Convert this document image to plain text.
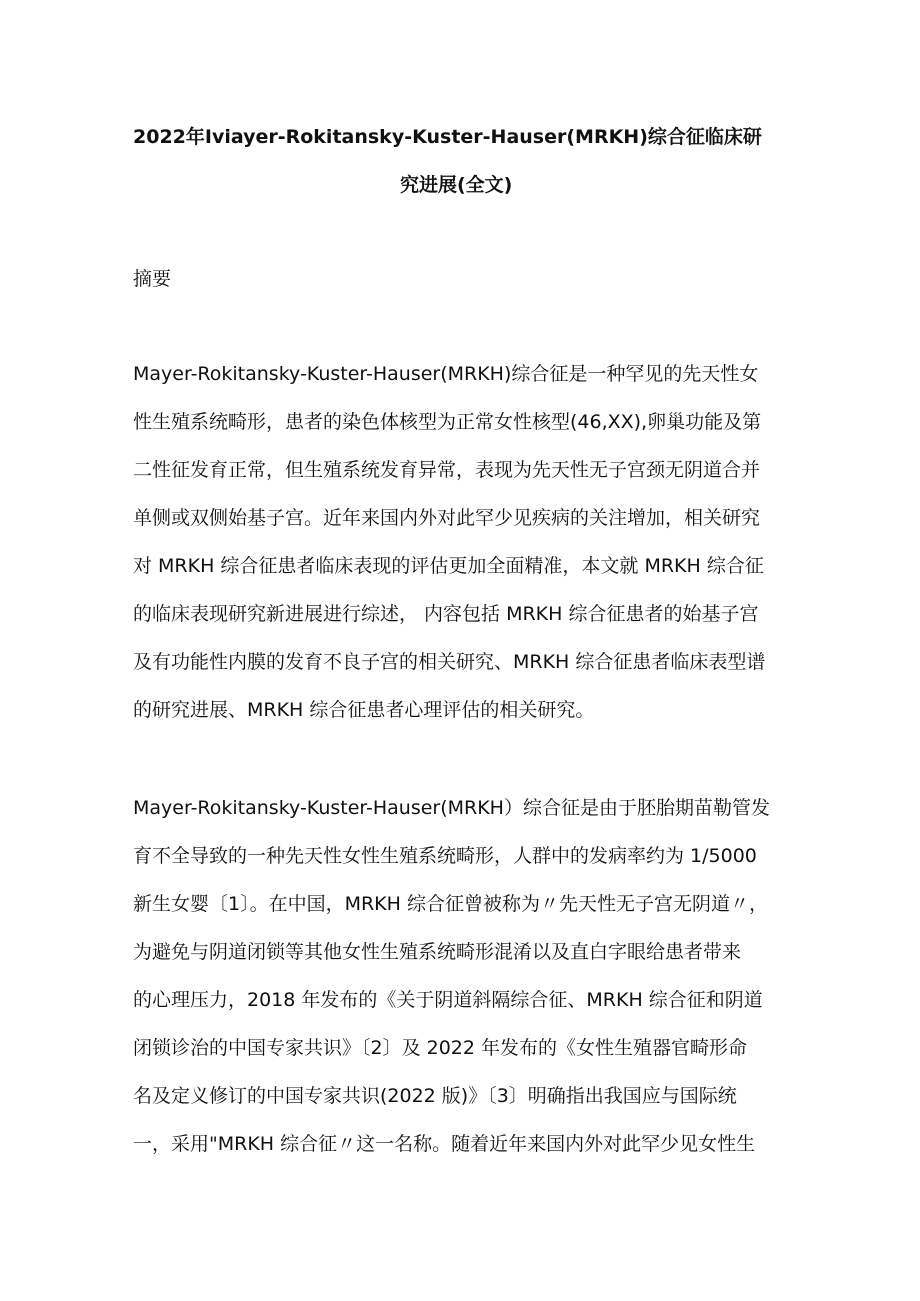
2022年Iviayer-Rokitansky-Kuster-Hauser(MRKH)综合征临床研
究进展(全文)
摘要
Mayer-Rokitansky-Kuster-Hauser(MRKH)综合征是一种罕见的先天性女
性生殖系统畸形，患者的染色体核型为正常女性核型(46,XX),卵巢功能及第
二性征发育正常，但生殖系统发育异常，表现为先天性无子宫颈无阴道合并
单侧或双侧始基子宫。近年来国内外对此罕少见疾病的关注增加，相关研究
对 MRKH 综合征患者临床表现的评估更加全面精准，本文就 MRKH 综合征
的临床表现研究新进展进行综述， 内容包括 MRKH 综合征患者的始基子宫
及有功能性内膜的发育不良子宫的相关研究、MRKH 综合征患者临床表型谱
的研究进展、MRKH 综合征患者心理评估的相关研究。
Mayer-Rokitansky-Kuster-Hauser(MRKH）综合征是由于胚胎期苗勒管发
育不全导致的一种先天性女性生殖系统畸形，人群中的发病率约为 1/5000
新生女婴〔1〕。在中国，MRKH 综合征曾被称为〃先天性无子宫无阴道〃，
为避免与阴道闭锁等其他女性生殖系统畸形混淆以及直白字眼给患者带来
的心理压力，2018 年发布的《关于阴道斜隔综合征、MRKH 综合征和阴道
闭锁诊治的中国专家共识》〔2〕及 2022 年发布的《女性生殖器官畸形命
名及定义修订的中国专家共识(2022 版)》〔3〕明确指出我国应与国际统
一，采用"MRKH 综合征〃这一名称。随着近年来国内外对此罕少见女性生
